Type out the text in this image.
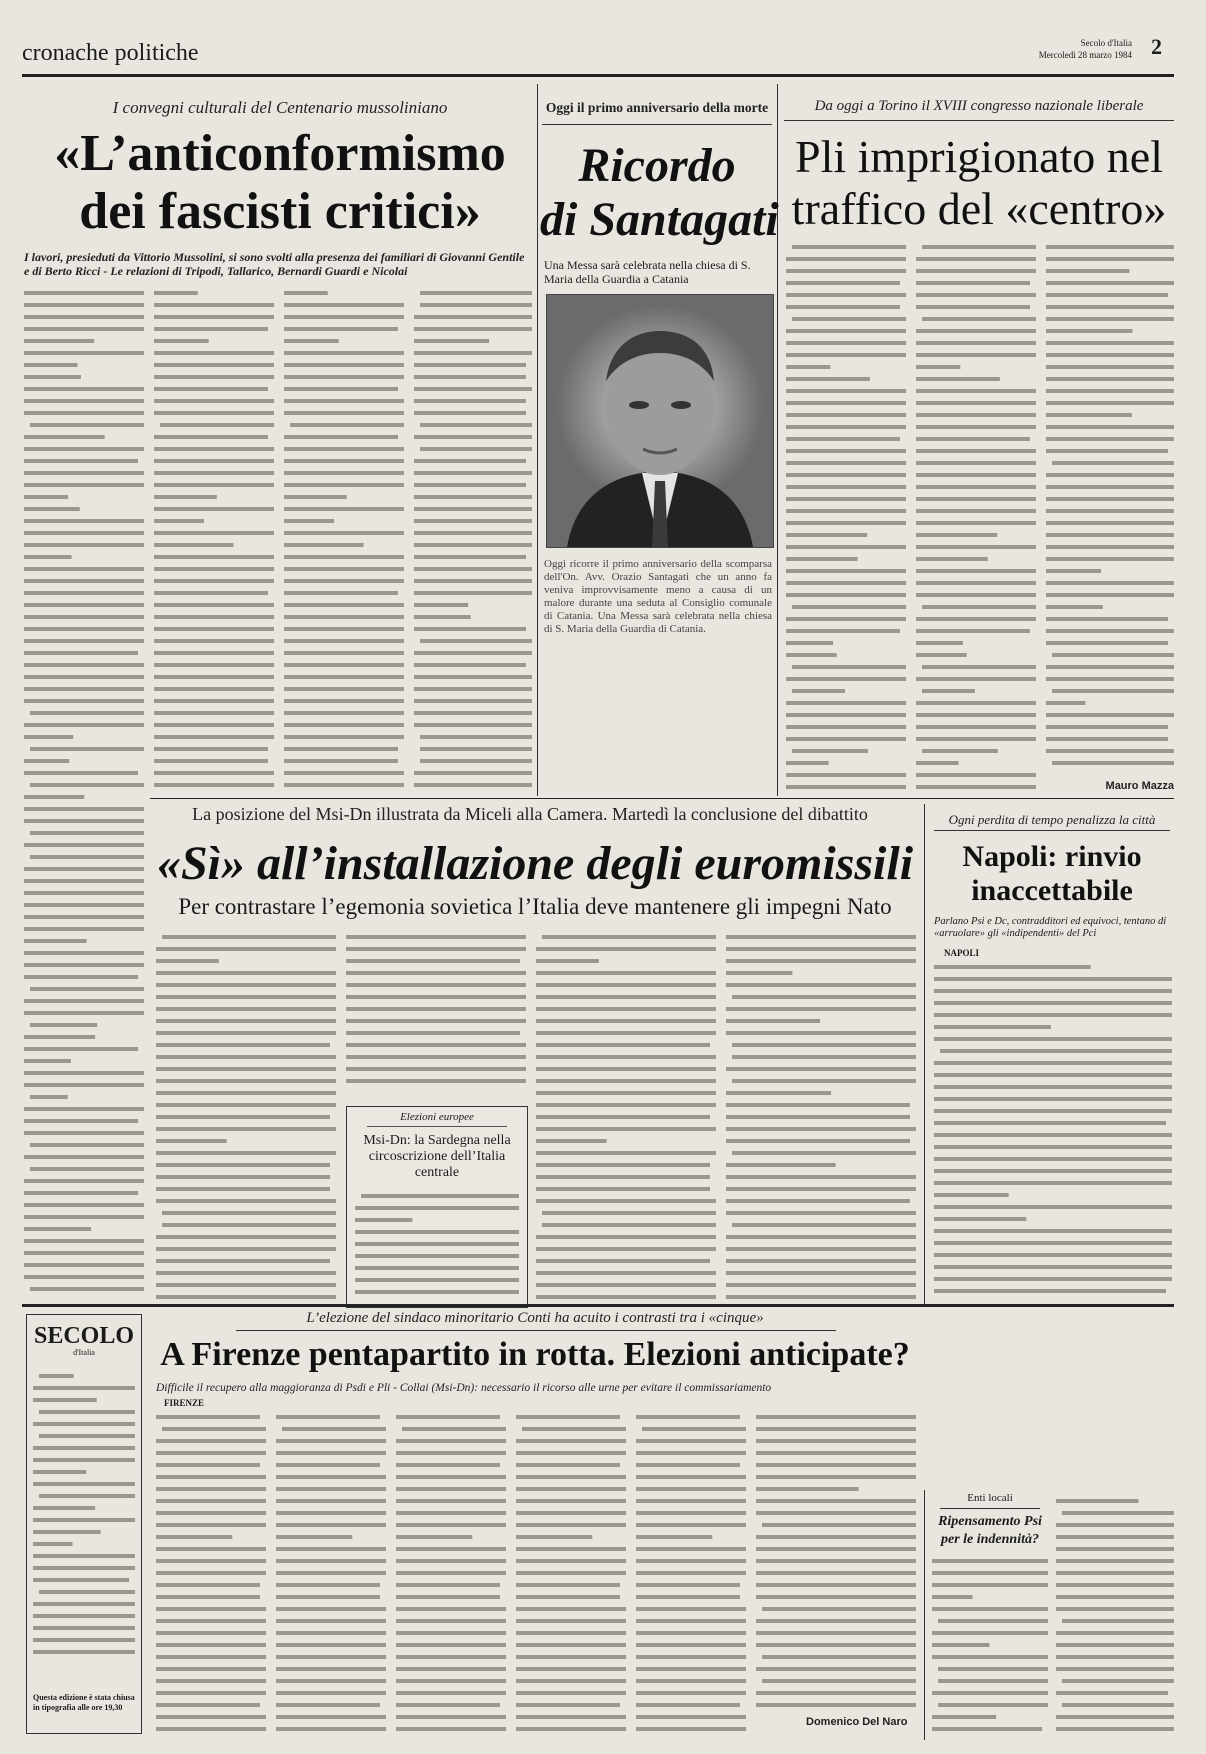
cronache politiche	Secolo d'Italia
Mercoledì 28 marzo 1984 2
I convegni culturali del Centenario mussoliniano
«L’anticonformismo
dei fascisti critici»
I lavori, presieduti da Vittorio Mussolini, si sono svolti alla presenza dei familiari di Giovanni Gentile e di Berto Ricci - Le relazioni di Tripodi, Tallarico, Bernardi Guardi e Nicolai
Oggi il primo anniversario della morte
Ricordo
di Santagati
Una Messa sarà celebrata nella chiesa di S. Maria della Guardia a Catania
Oggi ricorre il primo anniversario della scomparsa dell'On. Avv. Orazio Santagati che un anno fa veniva improvvisamente meno a causa di un malore durante una seduta al Consiglio comunale di Catania. Una Messa sarà celebrata nella chiesa di S. Maria della Guardia di Catania.
Da oggi a Torino il XVIII congresso nazionale liberale
Pli imprigionato nel
traffico del «centro»
Mauro Mazza
La posizione del Msi-Dn illustrata da Miceli alla Camera. Martedì la conclusione del dibattito
«Sì» all’installazione degli euromissili
Per contrastare l’egemonia sovietica l’Italia deve mantenere gli impegni Nato
Elezioni europee
Msi-Dn: la Sardegna nella circoscrizione dell’Italia centrale
Ogni perdita di tempo penalizza la città
Napoli: rinvio
inaccettabile
Parlano Psi e Dc, contradditori ed equivoci, tentano di «arruolare» gli «indipendenti» del Pci
NAPOLI
SECOLO
d'Italia
Questa edizione è stata chiusa in tipografia alle ore 19,30
L’elezione del sindaco minoritario Conti ha acuito i contrasti tra i «cinque»
A Firenze pentapartito in rotta. Elezioni anticipate?
Difficile il recupero alla maggioranza di Psdi e Pli - Collai (Msi-Dn): necessario il ricorso alle urne per evitare il commissariamento
FIRENZE
Domenico Del Naro
Enti locali
Ripensamento Psi
per le indennità?
